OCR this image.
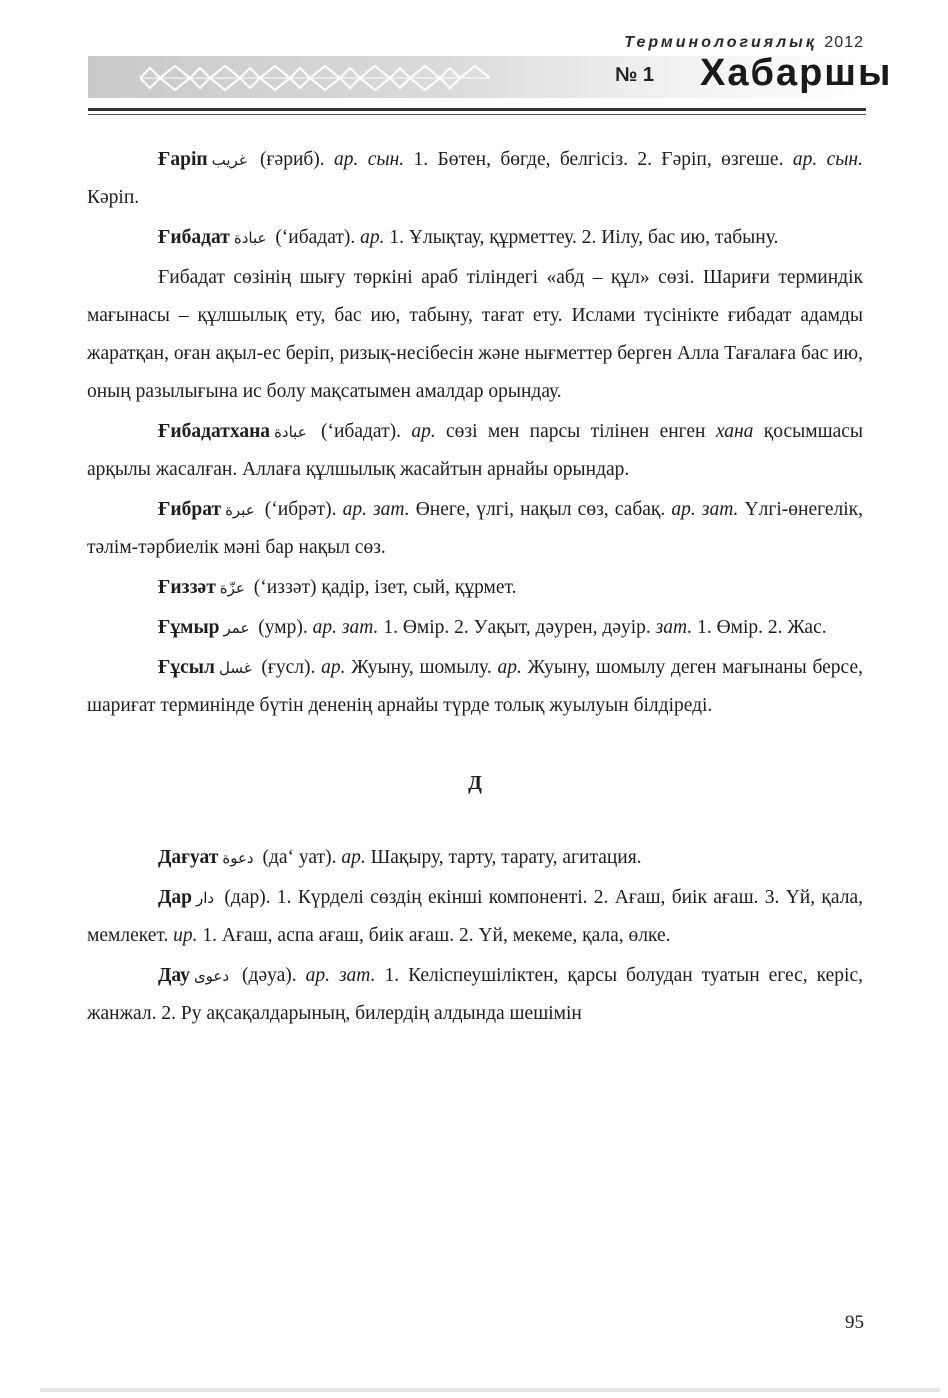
Терминологиялық 2012
№ 1 Хабаршы

Ғаріп غريب (ғәриб). ар. сын. 1. Бөтен, бөгде, белгісіз. 2. Ғәріп, өзгеше. ар. сын. Кәріп.

Ғибадат عبادة (‘ибадат). ар. 1. Ұлықтау, құрметтеу. 2. Иілу, бас ию, табыну.

Ғибадат сөзінің шығу төркіні араб тіліндегі «абд – құл» сөзі. Шариғи терминдік мағынасы – құлшылық ету, бас ию, табыну, тағат ету. Ислами түсінікте ғибадат адамды жаратқан, оған ақыл-ес беріп, ризық-несібесін және нығметтер берген Алла Тағалаға бас ию, оның разылығына ис болу мақсатымен амалдар орындау.

Ғибадатхана عبادة (‘ибадат). ар. сөзі мен парсы тілінен енген хана қосымшасы арқылы жасалған. Аллаға құлшылық жасайтын арнайы орындар.

Ғибрат عبرة (‘ибрәт). ар. зат. Өнеге, үлгі, нақыл сөз, сабақ. ар. зат. Үлгі-өнегелік, тәлім-тәрбиелік мәні бар нақыл сөз.

Ғиззәт عزّة (‘иззәт) қадір, ізет, сый, құрмет.

Ғұмыр عمر (умр). ар. зат. 1. Өмір. 2. Уақыт, дәурен, дәуір. зат. 1. Өмір. 2. Жас.

Ғұсыл غسل (ғусл). ар. Жуыну, шомылу. ар. Жуыну, шомылу деген мағынаны берсе, шариғат терминінде бүтін дененің арнайы түрде толық жуылуын білдіреді.

Д

Дағуат دعوة (да‘ уат). ар. Шақыру, тарту, тарату, агитация.

Дар دار (дар). 1. Күрделі сөздің екінші компоненті. 2. Ағаш, биік ағаш. 3. Үй, қала, мемлекет. ир. 1. Ағаш, аспа ағаш, биік ағаш. 2. Үй, мекеме, қала, өлке.

Дау دعوى (дәуа). ар. зат. 1. Келіспеушіліктен, қарсы болудан туатын егес, керіс, жанжал. 2. Ру ақсақалдарының, билердің алдында шешімін

95
